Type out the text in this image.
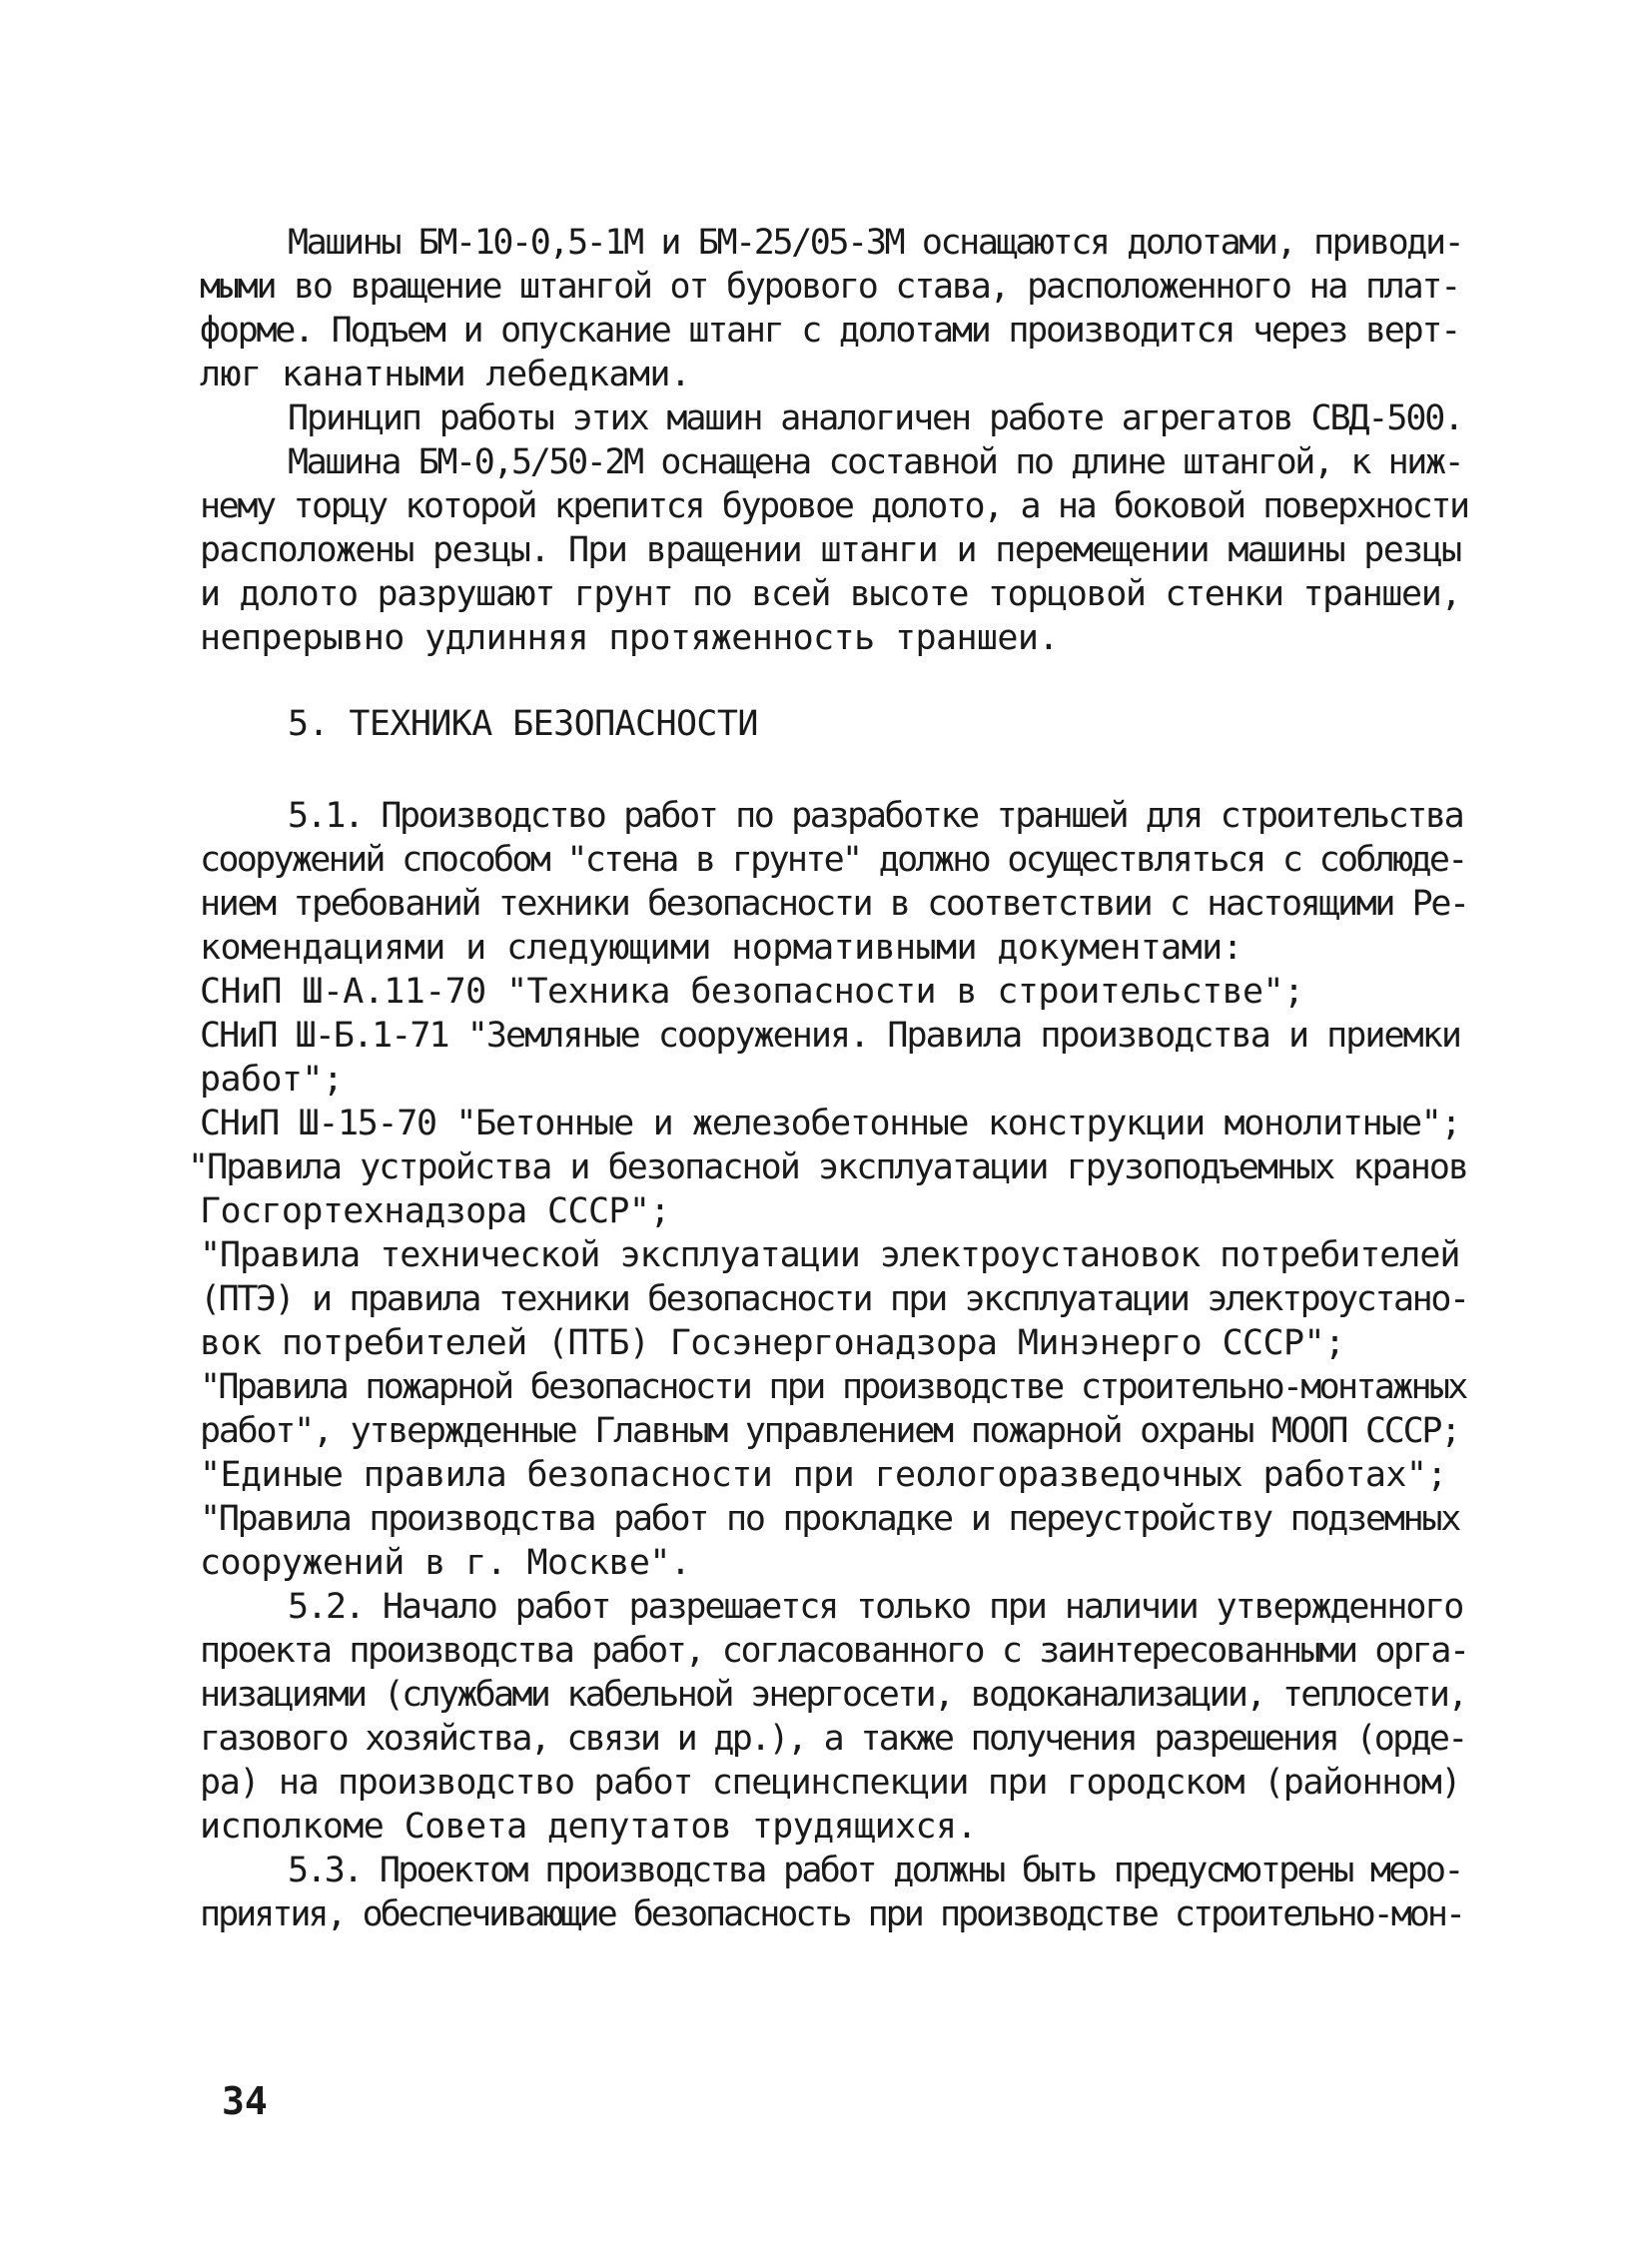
Машины БМ-10-0,5-1М и БМ-25/05-3М оснащаются долотами, приводи-
мыми во вращение штангой от бурового става, расположенного на плат-
форме. Подъем и опускание штанг с долотами производится через верт-
люг канатными лебедками.
Принцип работы этих машин аналогичен работе агрегатов СВД-500.
Машина БМ-0,5/50-2М оснащена составной по длине штангой, к ниж-
нему торцу которой крепится буровое долото, а на боковой поверхности
расположены резцы. При вращении штанги и перемещении машины резцы
и долото разрушают грунт по всей высоте торцовой стенки траншеи,
непрерывно удлинняя протяженность траншеи.
5. ТЕХНИКА БЕЗОПАСНОСТИ
5.1. Производство работ по разработке траншей для строительства
сооружений способом "стена в грунте" должно осуществляться с соблюде-
нием требований техники безопасности в соответствии с настоящими Ре-
комендациями и следующими нормативными документами:
СНиП Ш-А.11-70 "Техника безопасности в строительстве";
СНиП Ш-Б.1-71 "Земляные сооружения. Правила производства и приемки
работ";
СНиП Ш-15-70 "Бетонные и железобетонные конструкции монолитные";
"Правила устройства и безопасной эксплуатации грузоподъемных кранов
Госгортехнадзора СССР";
"Правила технической эксплуатации электроустановок потребителей
(ПТЭ) и правила техники безопасности при эксплуатации электроустано-
вок потребителей (ПТБ) Госэнергонадзора Минэнерго СССР";
"Правила пожарной безопасности при производстве строительно-монтажных
работ", утвержденные Главным управлением пожарной охраны МООП СССР;
"Единые правила безопасности при геологоразведочных работах";
"Правила производства работ по прокладке и переустройству подземных
сооружений в г. Москве".
5.2. Начало работ разрешается только при наличии утвержденного
проекта производства работ, согласованного с заинтересованными орга-
низациями (службами кабельной энергосети, водоканализации, теплосети,
газового хозяйства, связи и др.), а также получения разрешения (орде-
ра) на производство работ специнспекции при городском (районном)
исполкоме Совета депутатов трудящихся.
5.3. Проектом производства работ должны быть предусмотрены меро-
приятия, обеспечивающие безопасность при производстве строительно-мон-
34
